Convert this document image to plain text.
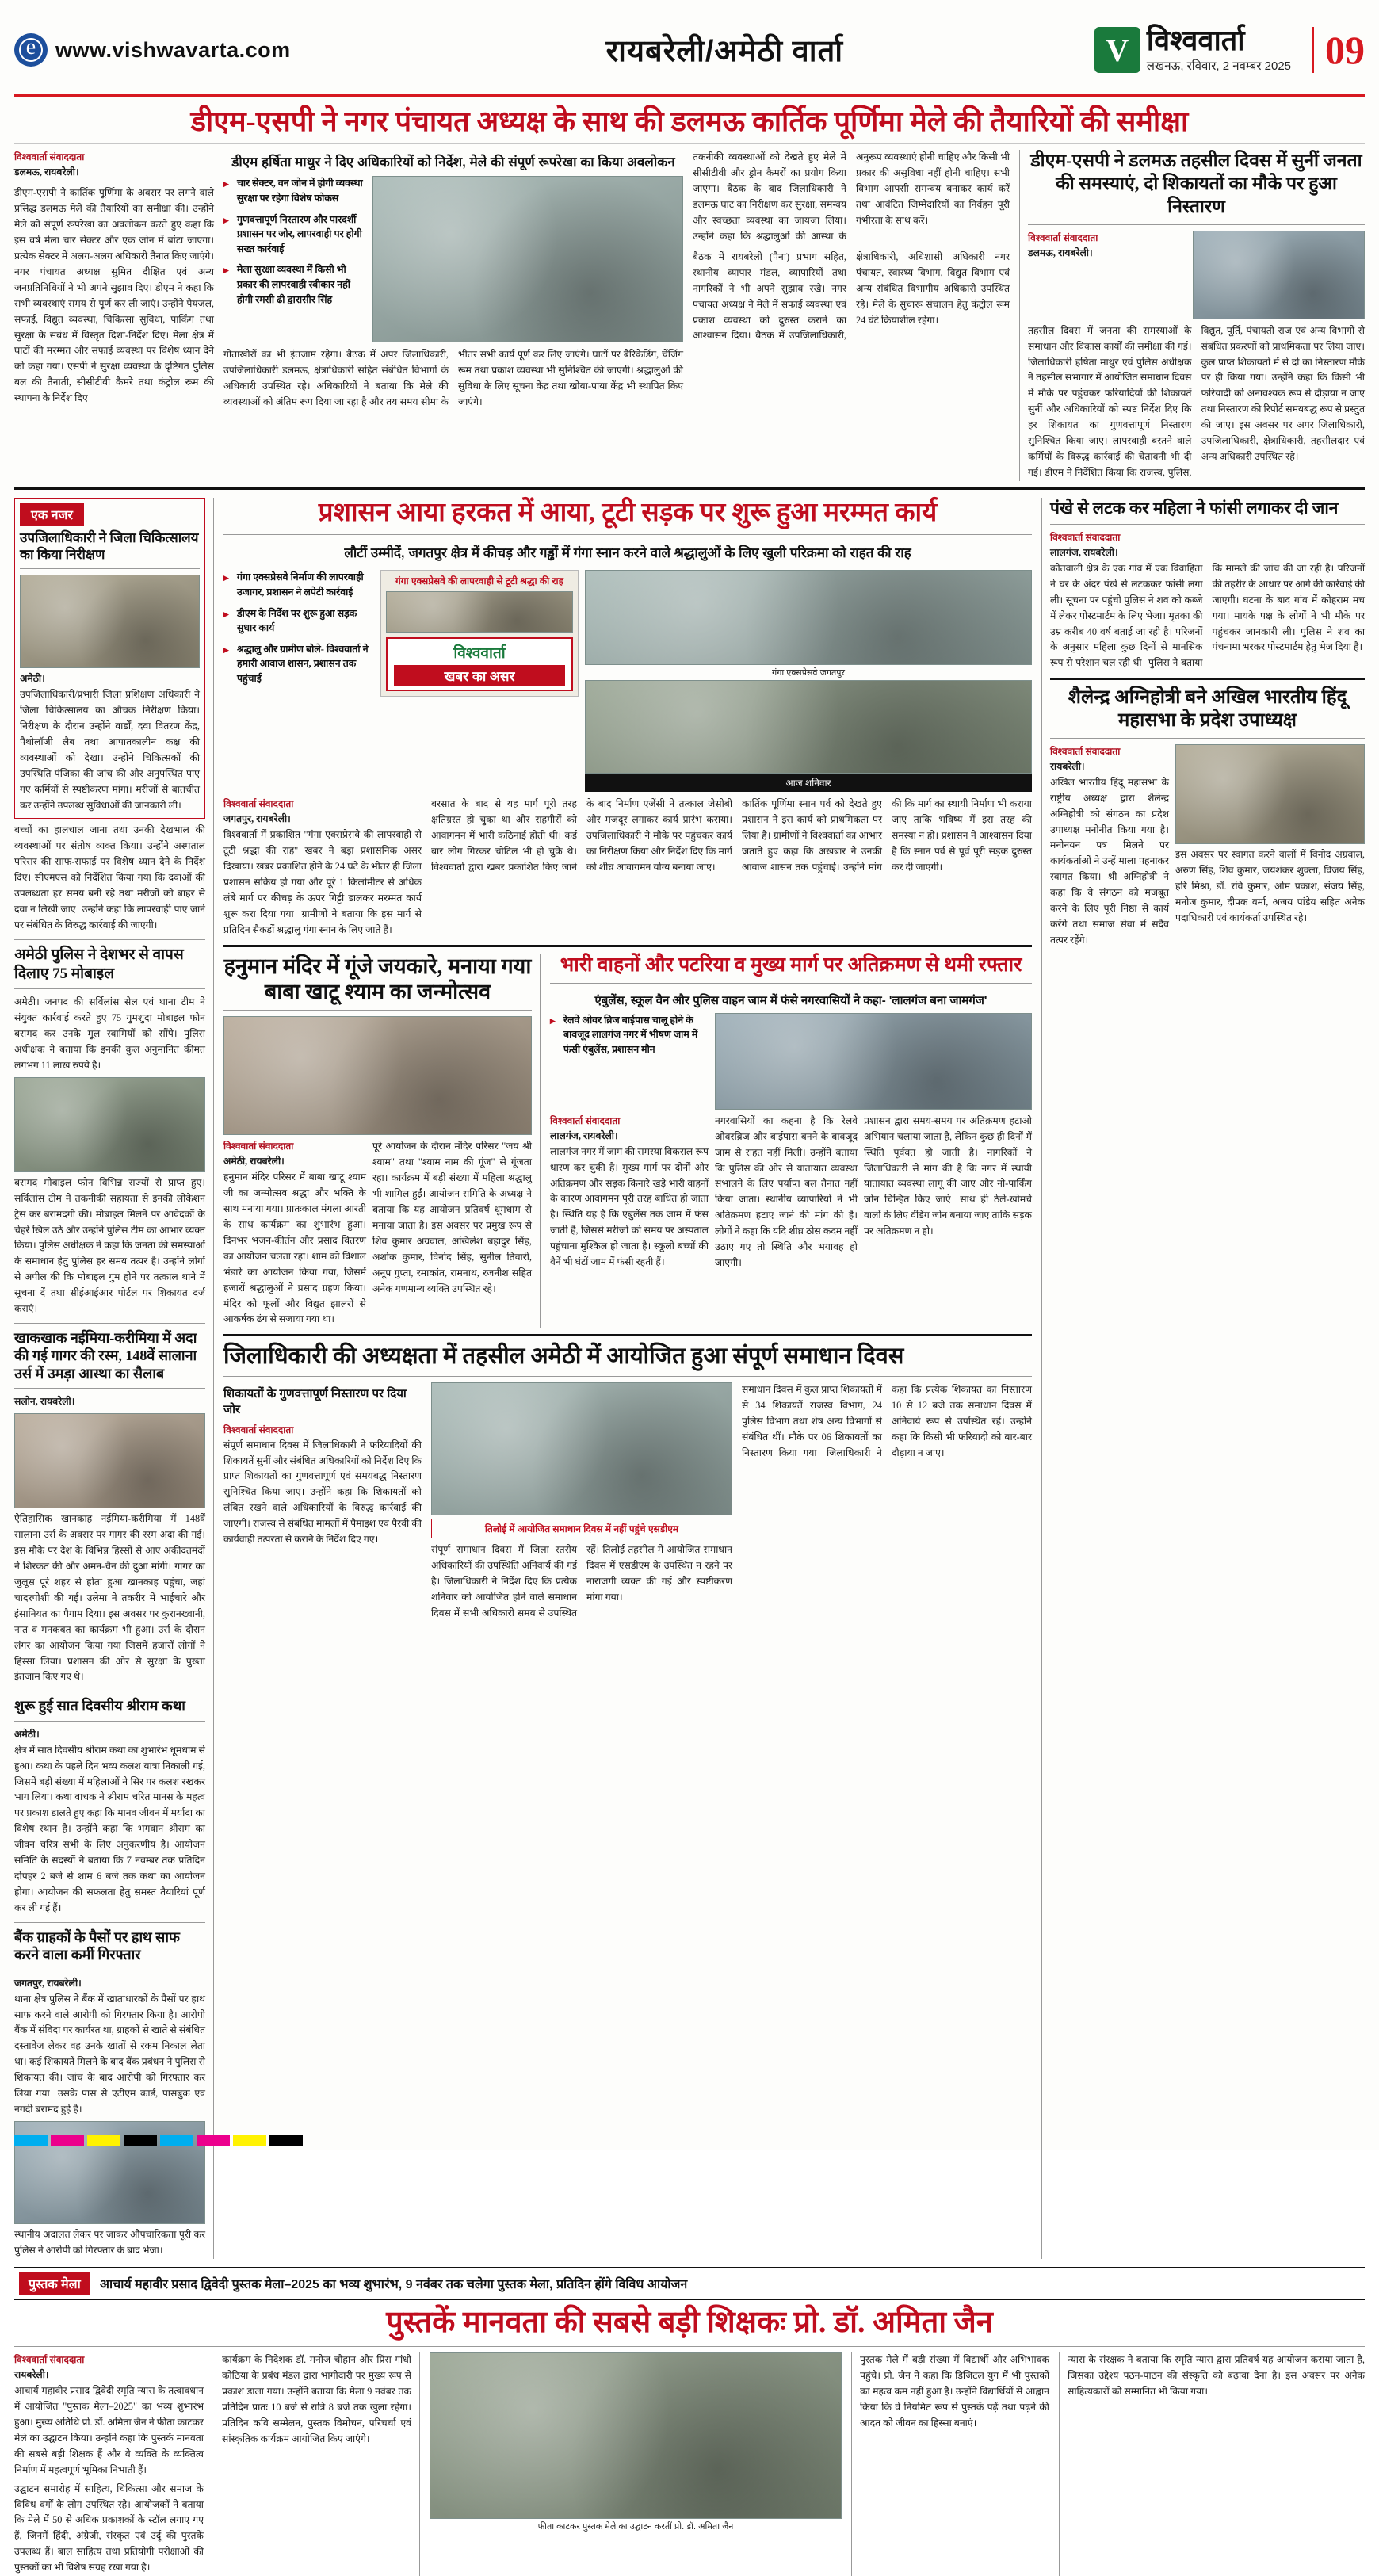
e
www.vishwavarta.com	रायबरेली/अमेठी वार्ता	V विश्ववार्ता
लखनऊ, रविवार, 2 नवम्बर 2025 09
डीएम-एसपी ने नगर पंचायत अध्यक्ष के साथ की डलमऊ कार्तिक पूर्णिमा मेले की तैयारियों की समीक्षा
विश्ववार्ता संवाददाता
डलमऊ, रायबरेली।
डीएम-एसपी ने कार्तिक पूर्णिमा के अवसर पर लगने वाले प्रसिद्ध डलमऊ मेले की तैयारियों का समीक्षा की। उन्होंने मेले को संपूर्ण रूपरेखा का अवलोकन करते हुए कहा कि इस वर्ष मेला चार सेक्टर और एक जोन में बांटा जाएगा। प्रत्येक सेक्टर में अलग-अलग अधिकारी तैनात किए जाएंगे। नगर पंचायत अध्यक्ष सुमित दीक्षित एवं अन्य जनप्रतिनिधियों ने भी अपने सुझाव दिए। डीएम ने कहा कि सभी व्यवस्थाएं समय से पूर्ण कर ली जाएं। उन्होंने पेयजल, सफाई, विद्युत व्यवस्था, चिकित्सा सुविधा, पार्किंग तथा सुरक्षा के संबंध में विस्तृत दिशा-निर्देश दिए। मेला क्षेत्र में घाटों की मरम्मत और सफाई व्यवस्था पर विशेष ध्यान देने को कहा गया। एसपी ने सुरक्षा व्यवस्था के दृष्टिगत पुलिस बल की तैनाती, सीसीटीवी कैमरे तथा कंट्रोल रूम की स्थापना के निर्देश दिए।
डीएम हर्षिता माथुर ने दिए अधिकारियों को निर्देश, मेले की संपूर्ण रूपरेखा का किया अवलोकन
▸ चार सेक्टर, वन जोन में होगी व्यवस्था सुरक्षा पर रहेगा विशेष फोकस
▸ गुणवत्तापूर्ण निस्तारण और पारदर्शी प्रशासन पर जोर, लापरवाही पर होगी सख्त कार्रवाई
▸ मेला सुरक्षा व्यवस्था में किसी भी प्रकार की लापरवाही स्वीकार नहीं होगी रमसी ढी द्वारासीर सिंह
गोताखोरों का भी इंतजाम रहेगा। बैठक में अपर जिलाधिकारी, उपजिलाधिकारी डलमऊ, क्षेत्राधिकारी सहित संबंधित विभागों के अधिकारी उपस्थित रहे। अधिकारियों ने बताया कि मेले की व्यवस्थाओं को अंतिम रूप दिया जा रहा है और तय समय सीमा के भीतर सभी कार्य पूर्ण कर लिए जाएंगे। घाटों पर बैरिकेडिंग, चेंजिंग रूम तथा प्रकाश व्यवस्था भी सुनिश्चित की जाएगी। श्रद्धालुओं की सुविधा के लिए सूचना केंद्र तथा खोया-पाया केंद्र भी स्थापित किए जाएंगे।
तकनीकी व्यवस्थाओं को देखते हुए मेले में सीसीटीवी और ड्रोन कैमरों का प्रयोग किया जाएगा। बैठक के बाद जिलाधिकारी ने डलमऊ घाट का निरीक्षण कर सुरक्षा, समन्वय और स्वच्छता व्यवस्था का जायजा लिया। उन्होंने कहा कि श्रद्धालुओं की आस्था के अनुरूप व्यवस्थाएं होनी चाहिए और किसी भी प्रकार की असुविधा नहीं होनी चाहिए। सभी विभाग आपसी समन्वय बनाकर कार्य करें तथा आवंटित जिम्मेदारियों का निर्वहन पूरी गंभीरता के साथ करें।
बैठक में रायबरेली (पैना) प्रभाग सहित, स्थानीय व्यापार मंडल, व्यापारियों तथा नागरिकों ने भी अपने सुझाव रखे। नगर पंचायत अध्यक्ष ने मेले में सफाई व्यवस्था एवं प्रकाश व्यवस्था को दुरुस्त कराने का आश्वासन दिया। बैठक में उपजिलाधिकारी, क्षेत्राधिकारी, अधिशासी अधिकारी नगर पंचायत, स्वास्थ्य विभाग, विद्युत विभाग एवं अन्य संबंधित विभागीय अधिकारी उपस्थित रहे। मेले के सुचारू संचालन हेतु कंट्रोल रूम 24 घंटे क्रियाशील रहेगा।
डीएम-एसपी ने डलमऊ तहसील दिवस में सुनीं जनता की समस्याएं, दो शिकायतों का मौके पर हुआ निस्तारण
विश्ववार्ता संवाददाता
डलमऊ, रायबरेली।
तहसील दिवस में जनता की समस्याओं के समाधान और विकास कार्यों की समीक्षा की गई। जिलाधिकारी हर्षिता माथुर एवं पुलिस अधीक्षक ने तहसील सभागार में आयोजित समाधान दिवस में मौके पर पहुंचकर फरियादियों की शिकायतें सुनीं और अधिकारियों को स्पष्ट निर्देश दिए कि हर शिकायत का गुणवत्तापूर्ण निस्तारण सुनिश्चित किया जाए। लापरवाही बरतने वाले कर्मियों के विरुद्ध कार्रवाई की चेतावनी भी दी गई। डीएम ने निर्देशित किया कि राजस्व, पुलिस, विद्युत, पूर्ति, पंचायती राज एवं अन्य विभागों से संबंधित प्रकरणों को प्राथमिकता पर लिया जाए। कुल प्राप्त शिकायतों में से दो का निस्तारण मौके पर ही किया गया। उन्होंने कहा कि किसी भी फरियादी को अनावश्यक रूप से दौड़ाया न जाए तथा निस्तारण की रिपोर्ट समयबद्ध रूप से प्रस्तुत की जाए। इस अवसर पर अपर जिलाधिकारी, उपजिलाधिकारी, क्षेत्राधिकारी, तहसीलदार एवं अन्य अधिकारी उपस्थित रहे।
एक नजर
उपजिलाधिकारी ने जिला चिकित्सालय का किया निरीक्षण
अमेठी।
उपजिलाधिकारी/प्रभारी जिला प्रशिक्षण अधिकारी ने जिला चिकित्सालय का औचक निरीक्षण किया। निरीक्षण के दौरान उन्होंने वार्डों, दवा वितरण केंद्र, पैथोलॉजी लैब तथा आपातकालीन कक्ष की व्यवस्थाओं को देखा। उन्होंने चिकित्सकों की उपस्थिति पंजिका की जांच की और अनुपस्थित पाए गए कर्मियों से स्पष्टीकरण मांगा। मरीजों से बातचीत कर उन्होंने उपलब्ध सुविधाओं की जानकारी ली।
बच्चों का हालचाल जाना तथा उनकी देखभाल की व्यवस्थाओं पर संतोष व्यक्त किया। उन्होंने अस्पताल परिसर की साफ-सफाई पर विशेष ध्यान देने के निर्देश दिए। सीएमएस को निर्देशित किया गया कि दवाओं की उपलब्धता हर समय बनी रहे तथा मरीजों को बाहर से दवा न लिखी जाए। उन्होंने कहा कि लापरवाही पाए जाने पर संबंधित के विरुद्ध कार्रवाई की जाएगी।
अमेठी पुलिस ने देशभर से वापस दिलाए 75 मोबाइल
अमेठी। जनपद की सर्विलांस सेल एवं थाना टीम ने संयुक्त कार्रवाई करते हुए 75 गुमशुदा मोबाइल फोन बरामद कर उनके मूल स्वामियों को सौंपे। पुलिस अधीक्षक ने बताया कि इनकी कुल अनुमानित कीमत लगभग 11 लाख रुपये है।
बरामद मोबाइल फोन विभिन्न राज्यों से प्राप्त हुए। सर्विलांस टीम ने तकनीकी सहायता से इनकी लोकेशन ट्रेस कर बरामदगी की। मोबाइल मिलने पर आवेदकों के चेहरे खिल उठे और उन्होंने पुलिस टीम का आभार व्यक्त किया। पुलिस अधीक्षक ने कहा कि जनता की समस्याओं के समाधान हेतु पुलिस हर समय तत्पर है। उन्होंने लोगों से अपील की कि मोबाइल गुम होने पर तत्काल थाने में सूचना दें तथा सीईआईआर पोर्टल पर शिकायत दर्ज कराएं।
खाकखाक नईमिया-करीमिया में अदा की गई गागर की रस्म, 148वें सालाना उर्स में उमड़ा आस्था का सैलाब
सलोन, रायबरेली।
ऐतिहासिक खानकाह नईमिया-करीमिया में 148वें सालाना उर्स के अवसर पर गागर की रस्म अदा की गई। इस मौके पर देश के विभिन्न हिस्सों से आए अकीदतमंदों ने शिरकत की और अमन-चैन की दुआ मांगी। गागर का जुलूस पूरे शहर से होता हुआ खानकाह पहुंचा, जहां चादरपोशी की गई। उलेमा ने तकरीर में भाईचारे और इंसानियत का पैगाम दिया। इस अवसर पर कुरानख्वानी, नात व मनकबत का कार्यक्रम भी हुआ। उर्स के दौरान लंगर का आयोजन किया गया जिसमें हजारों लोगों ने हिस्सा लिया। प्रशासन की ओर से सुरक्षा के पुख्ता इंतजाम किए गए थे।
शुरू हुई सात दिवसीय श्रीराम कथा
अमेठी।
क्षेत्र में सात दिवसीय श्रीराम कथा का शुभारंभ धूमधाम से हुआ। कथा के पहले दिन भव्य कलश यात्रा निकाली गई, जिसमें बड़ी संख्या में महिलाओं ने सिर पर कलश रखकर भाग लिया। कथा वाचक ने श्रीराम चरित मानस के महत्व पर प्रकाश डालते हुए कहा कि मानव जीवन में मर्यादा का विशेष स्थान है। उन्होंने कहा कि भगवान श्रीराम का जीवन चरित्र सभी के लिए अनुकरणीय है। आयोजन समिति के सदस्यों ने बताया कि 7 नवम्बर तक प्रतिदिन दोपहर 2 बजे से शाम 6 बजे तक कथा का आयोजन होगा। आयोजन की सफलता हेतु समस्त तैयारियां पूर्ण कर ली गई हैं।
बैंक ग्राहकों के पैसों पर हाथ साफ करने वाला कर्मी गिरफ्तार
जगतपुर, रायबरेली।
थाना क्षेत्र पुलिस ने बैंक में खाताधारकों के पैसों पर हाथ साफ करने वाले आरोपी को गिरफ्तार किया है। आरोपी बैंक में संविदा पर कार्यरत था, ग्राहकों से खाते से संबंधित दस्तावेज लेकर वह उनके खातों से रकम निकाल लेता था। कई शिकायतें मिलने के बाद बैंक प्रबंधन ने पुलिस से शिकायत की। जांच के बाद आरोपी को गिरफ्तार कर लिया गया। उसके पास से एटीएम कार्ड, पासबुक एवं नगदी बरामद हुई है।
स्थानीय अदालत लेकर पर जाकर औपचारिकता पूरी कर पुलिस ने आरोपी को गिरफ्तार के बाद भेजा।
प्रशासन आया हरकत में आया, टूटी सड़क पर शुरू हुआ मरम्मत कार्य
लौटीं उम्मीदें, जगतपुर क्षेत्र में कीचड़ और गड्ढों में गंगा स्नान करने वाले श्रद्धालुओं के लिए खुली परिक्रमा को राहत की राह
▸ गंगा एक्सप्रेसवे निर्माण की लापरवाही उजागर, प्रशासन ने लपेटी कार्रवाई
▸ डीएम के निर्देश पर शुरू हुआ सड़क सुधार कार्य
▸ श्रद्धालु और ग्रामीण बोले- विश्ववार्ता ने हमारी आवाज शासन, प्रशासन तक पहुंचाई
गंगा एक्सप्रेसवे की लापरवाही से टूटी श्रद्धा की राह
विश्ववार्ता
खबर का असर	गंगा एक्सप्रेसवे जगतपुर
आज शनिवार
विश्ववार्ता संवाददाता
जगतपुर, रायबरेली।
विश्ववार्ता में प्रकाशित "गंगा एक्सप्रेसवे की लापरवाही से टूटी श्रद्धा की राह" खबर ने बड़ा प्रशासनिक असर दिखाया। खबर प्रकाशित होने के 24 घंटे के भीतर ही जिला प्रशासन सक्रिय हो गया और पूरे 1 किलोमीटर से अधिक लंबे मार्ग पर कीचड़ के ऊपर गिट्टी डालकर मरम्मत कार्य शुरू करा दिया गया। ग्रामीणों ने बताया कि इस मार्ग से प्रतिदिन सैकड़ों श्रद्धालु गंगा स्नान के लिए जाते हैं।
बरसात के बाद से यह मार्ग पूरी तरह क्षतिग्रस्त हो चुका था और राहगीरों को आवागमन में भारी कठिनाई होती थी। कई बार लोग गिरकर चोटिल भी हो चुके थे। विश्ववार्ता द्वारा खबर प्रकाशित किए जाने के बाद निर्माण एजेंसी ने तत्काल जेसीबी और मजदूर लगाकर कार्य प्रारंभ कराया। उपजिलाधिकारी ने मौके पर पहुंचकर कार्य का निरीक्षण किया और निर्देश दिए कि मार्ग को शीघ्र आवागमन योग्य बनाया जाए।
कार्तिक पूर्णिमा स्नान पर्व को देखते हुए प्रशासन ने इस कार्य को प्राथमिकता पर लिया है। ग्रामीणों ने विश्ववार्ता का आभार जताते हुए कहा कि अखबार ने उनकी आवाज शासन तक पहुंचाई। उन्होंने मांग की कि मार्ग का स्थायी निर्माण भी कराया जाए ताकि भविष्य में इस तरह की समस्या न हो। प्रशासन ने आश्वासन दिया है कि स्नान पर्व से पूर्व पूरी सड़क दुरुस्त कर दी जाएगी।
हनुमान मंदिर में गूंजे जयकारे, मनाया गया बाबा खाटू श्याम का जन्मोत्सव
विश्ववार्ता संवाददाता
अमेठी, रायबरेली।
हनुमान मंदिर परिसर में बाबा खाटू श्याम जी का जन्मोत्सव श्रद्धा और भक्ति के साथ मनाया गया। प्रातःकाल मंगला आरती के साथ कार्यक्रम का शुभारंभ हुआ। दिनभर भजन-कीर्तन और प्रसाद वितरण का आयोजन चलता रहा। शाम को विशाल भंडारे का आयोजन किया गया, जिसमें हजारों श्रद्धालुओं ने प्रसाद ग्रहण किया। मंदिर को फूलों और विद्युत झालरों से आकर्षक ढंग से सजाया गया था।
पूरे आयोजन के दौरान मंदिर परिसर "जय श्री श्याम" तथा "श्याम नाम की गूंज" से गूंजता रहा। कार्यक्रम में बड़ी संख्या में महिला श्रद्धालु भी शामिल हुईं। आयोजन समिति के अध्यक्ष ने बताया कि यह आयोजन प्रतिवर्ष धूमधाम से मनाया जाता है। इस अवसर पर प्रमुख रूप से शिव कुमार अग्रवाल, अखिलेश बहादुर सिंह, अशोक कुमार, विनोद सिंह, सुनील तिवारी, अनूप गुप्ता, रमाकांत, रामनाथ, रजनीश सहित अनेक गणमान्य व्यक्ति उपस्थित रहे।
भारी वाहनों और पटरिया व मुख्य मार्ग पर अतिक्रमण से थमी रफ्तार
एंबुलेंस, स्कूल वैन और पुलिस वाहन जाम में फंसे नगरवासियों ने कहा- 'लालगंज बना जामगंज'
▸ रेलवे ओवर ब्रिज बाईपास चालू होने के बावजूद लालगंज नगर में भीषण जाम में फंसी एंबुलेंस, प्रशासन मौन
विश्ववार्ता संवाददाता
लालगंज, रायबरेली।
लालगंज नगर में जाम की समस्या विकराल रूप धारण कर चुकी है। मुख्य मार्ग पर दोनों ओर अतिक्रमण और सड़क किनारे खड़े भारी वाहनों के कारण आवागमन पूरी तरह बाधित हो जाता है। स्थिति यह है कि एंबुलेंस तक जाम में फंस जाती हैं, जिससे मरीजों को समय पर अस्पताल पहुंचाना मुश्किल हो जाता है। स्कूली बच्चों की वैनें भी घंटों जाम में फंसी रहती हैं।
नगरवासियों का कहना है कि रेलवे ओवरब्रिज और बाईपास बनने के बावजूद जाम से राहत नहीं मिली। उन्होंने बताया कि पुलिस की ओर से यातायात व्यवस्था संभालने के लिए पर्याप्त बल तैनात नहीं किया जाता। स्थानीय व्यापारियों ने भी अतिक्रमण हटाए जाने की मांग की है। लोगों ने कहा कि यदि शीघ्र ठोस कदम नहीं उठाए गए तो स्थिति और भयावह हो जाएगी।
प्रशासन द्वारा समय-समय पर अतिक्रमण हटाओ अभियान चलाया जाता है, लेकिन कुछ ही दिनों में स्थिति पूर्ववत हो जाती है। नागरिकों ने जिलाधिकारी से मांग की है कि नगर में स्थायी यातायात व्यवस्था लागू की जाए और नो-पार्किंग जोन चिन्हित किए जाएं। साथ ही ठेले-खोमचे वालों के लिए वेंडिंग जोन बनाया जाए ताकि सड़क पर अतिक्रमण न हो।
जिलाधिकारी की अध्यक्षता में तहसील अमेठी में आयोजित हुआ संपूर्ण समाधान दिवस
शिकायतों के गुणवत्तापूर्ण निस्तारण पर दिया जोर
विश्ववार्ता संवाददाता
संपूर्ण समाधान दिवस में जिलाधिकारी ने फरियादियों की शिकायतें सुनीं और संबंधित अधिकारियों को निर्देश दिए कि प्राप्त शिकायतों का गुणवत्तापूर्ण एवं समयबद्ध निस्तारण सुनिश्चित किया जाए। उन्होंने कहा कि शिकायतों को लंबित रखने वाले अधिकारियों के विरुद्ध कार्रवाई की जाएगी। राजस्व से संबंधित मामलों में पैमाइश एवं पैरवी की कार्यवाही तत्परता से कराने के निर्देश दिए गए।
तिलोई में आयोजित समाधान दिवस में नहीं पहुंचे एसडीएम
संपूर्ण समाधान दिवस में जिला स्तरीय अधिकारियों की उपस्थिति अनिवार्य की गई है। जिलाधिकारी ने निर्देश दिए कि प्रत्येक शनिवार को आयोजित होने वाले समाधान दिवस में सभी अधिकारी समय से उपस्थित रहें। तिलोई तहसील में आयोजित समाधान दिवस में एसडीएम के उपस्थित न रहने पर नाराजगी व्यक्त की गई और स्पष्टीकरण मांगा गया।
समाधान दिवस में कुल प्राप्त शिकायतों में से 34 शिकायतें राजस्व विभाग, 24 पुलिस विभाग तथा शेष अन्य विभागों से संबंधित थीं। मौके पर 06 शिकायतों का निस्तारण किया गया। जिलाधिकारी ने कहा कि प्रत्येक शिकायत का निस्तारण 10 से 12 बजे तक समाधान दिवस में अनिवार्य रूप से उपस्थित रहें। उन्होंने कहा कि किसी भी फरियादी को बार-बार दौड़ाया न जाए।
पंखे से लटक कर महिला ने फांसी लगाकर दी जान
विश्ववार्ता संवाददाता
लालगंज, रायबरेली।
कोतवाली क्षेत्र के एक गांव में एक विवाहिता ने घर के अंदर पंखे से लटककर फांसी लगा ली। सूचना पर पहुंची पुलिस ने शव को कब्जे में लेकर पोस्टमार्टम के लिए भेजा। मृतका की उम्र करीब 40 वर्ष बताई जा रही है। परिजनों के अनुसार महिला कुछ दिनों से मानसिक रूप से परेशान चल रही थी। पुलिस ने बताया कि मामले की जांच की जा रही है। परिजनों की तहरीर के आधार पर आगे की कार्रवाई की जाएगी। घटना के बाद गांव में कोहराम मच गया। मायके पक्ष के लोगों ने भी मौके पर पहुंचकर जानकारी ली। पुलिस ने शव का पंचनामा भरकर पोस्टमार्टम हेतु भेज दिया है।
शैलेन्द्र अग्निहोत्री बने अखिल भारतीय हिंदू महासभा के प्रदेश उपाध्यक्ष
विश्ववार्ता संवाददाता
रायबरेली।
अखिल भारतीय हिंदू महासभा के राष्ट्रीय अध्यक्ष द्वारा शैलेन्द्र अग्निहोत्री को संगठन का प्रदेश उपाध्यक्ष मनोनीत किया गया है। मनोनयन पत्र मिलने पर कार्यकर्ताओं ने उन्हें माला पहनाकर स्वागत किया। श्री अग्निहोत्री ने कहा कि वे संगठन को मजबूत करने के लिए पूरी निष्ठा से कार्य करेंगे तथा समाज सेवा में सदैव तत्पर रहेंगे।
इस अवसर पर स्वागत करने वालों में विनोद अग्रवाल, अरुण सिंह, शिव कुमार, जयशंकर शुक्ला, विजय सिंह, हरि मिश्रा, डॉ. रवि कुमार, ओम प्रकाश, संजय सिंह, मनोज कुमार, दीपक वर्मा, अजय पांडेय सहित अनेक पदाधिकारी एवं कार्यकर्ता उपस्थित रहे।
पुस्तक मेला	आचार्य महावीर प्रसाद द्विवेदी पुस्तक मेला–2025 का भव्य शुभारंभ, 9 नवंबर तक चलेगा पुस्तक मेला, प्रतिदिन होंगे विविध आयोजन
पुस्तकें मानवता की सबसे बड़ी शिक्षकः प्रो. डॉ. अमिता जैन
विश्ववार्ता संवाददाता
रायबरेली।
आचार्य महावीर प्रसाद द्विवेदी स्मृति न्यास के तत्वावधान में आयोजित "पुस्तक मेला–2025" का भव्य शुभारंभ हुआ। मुख्य अतिथि प्रो. डॉ. अमिता जैन ने फीता काटकर मेले का उद्घाटन किया। उन्होंने कहा कि पुस्तकें मानवता की सबसे बड़ी शिक्षक हैं और वे व्यक्ति के व्यक्तित्व निर्माण में महत्वपूर्ण भूमिका निभाती हैं।
उद्घाटन समारोह में साहित्य, चिकित्सा और समाज के विविध वर्गों के लोग उपस्थित रहे। आयोजकों ने बताया कि मेले में 50 से अधिक प्रकाशकों के स्टॉल लगाए गए हैं, जिनमें हिंदी, अंग्रेजी, संस्कृत एवं उर्दू की पुस्तकें उपलब्ध हैं। बाल साहित्य तथा प्रतियोगी परीक्षाओं की पुस्तकों का भी विशेष संग्रह रखा गया है।
कार्यक्रम के निदेशक डॉ. मनोज चौहान और प्रिंस गांधी कोठिया के प्रबंध मंडल द्वारा भागीदारी पर मुख्य रूप से प्रकाश डाला गया। उन्होंने बताया कि मेला 9 नवंबर तक प्रतिदिन प्रातः 10 बजे से रात्रि 8 बजे तक खुला रहेगा। प्रतिदिन कवि सम्मेलन, पुस्तक विमोचन, परिचर्चा एवं सांस्कृतिक कार्यक्रम आयोजित किए जाएंगे।
फीता काटकर पुस्तक मेले का उद्घाटन करतीं प्रो. डॉ. अमिता जैन
पुस्तक मेले में बड़ी संख्या में विद्यार्थी और अभिभावक पहुंचे। प्रो. जैन ने कहा कि डिजिटल युग में भी पुस्तकों का महत्व कम नहीं हुआ है। उन्होंने विद्यार्थियों से आह्वान किया कि वे नियमित रूप से पुस्तकें पढ़ें तथा पढ़ने की आदत को जीवन का हिस्सा बनाएं।
न्यास के संरक्षक ने बताया कि स्मृति न्यास द्वारा प्रतिवर्ष यह आयोजन कराया जाता है, जिसका उद्देश्य पठन-पाठन की संस्कृति को बढ़ावा देना है। इस अवसर पर अनेक साहित्यकारों को सम्मानित भी किया गया।
